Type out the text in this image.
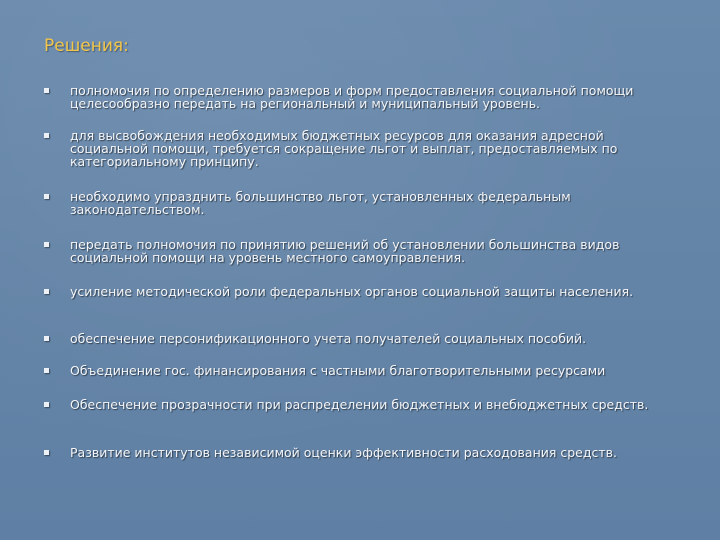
Решения:
полномочия по определению размеров и форм предоставления социальной помощи целесообразно передать на региональный и муниципальный уровень.
для высвобождения необходимых бюджетных ресурсов для оказания адресной социальной помощи, требуется сокращение льгот и выплат, предоставляемых по категориальному принципу.
необходимо упразднить большинство льгот, установленных федеральным законодательством.
передать полномочия по принятию решений об установлении большинства видов социальной помощи на уровень местного самоуправления.
усиление методической роли федеральных органов социальной защиты населения.
обеспечение персонификационного учета получателей социальных пособий.
Объединение гос. финансирования с частными благотворительными ресурсами
Обеспечение прозрачности при распределении бюджетных и внебюджетных средств.
Развитие институтов независимой оценки эффективности расходования средств.
